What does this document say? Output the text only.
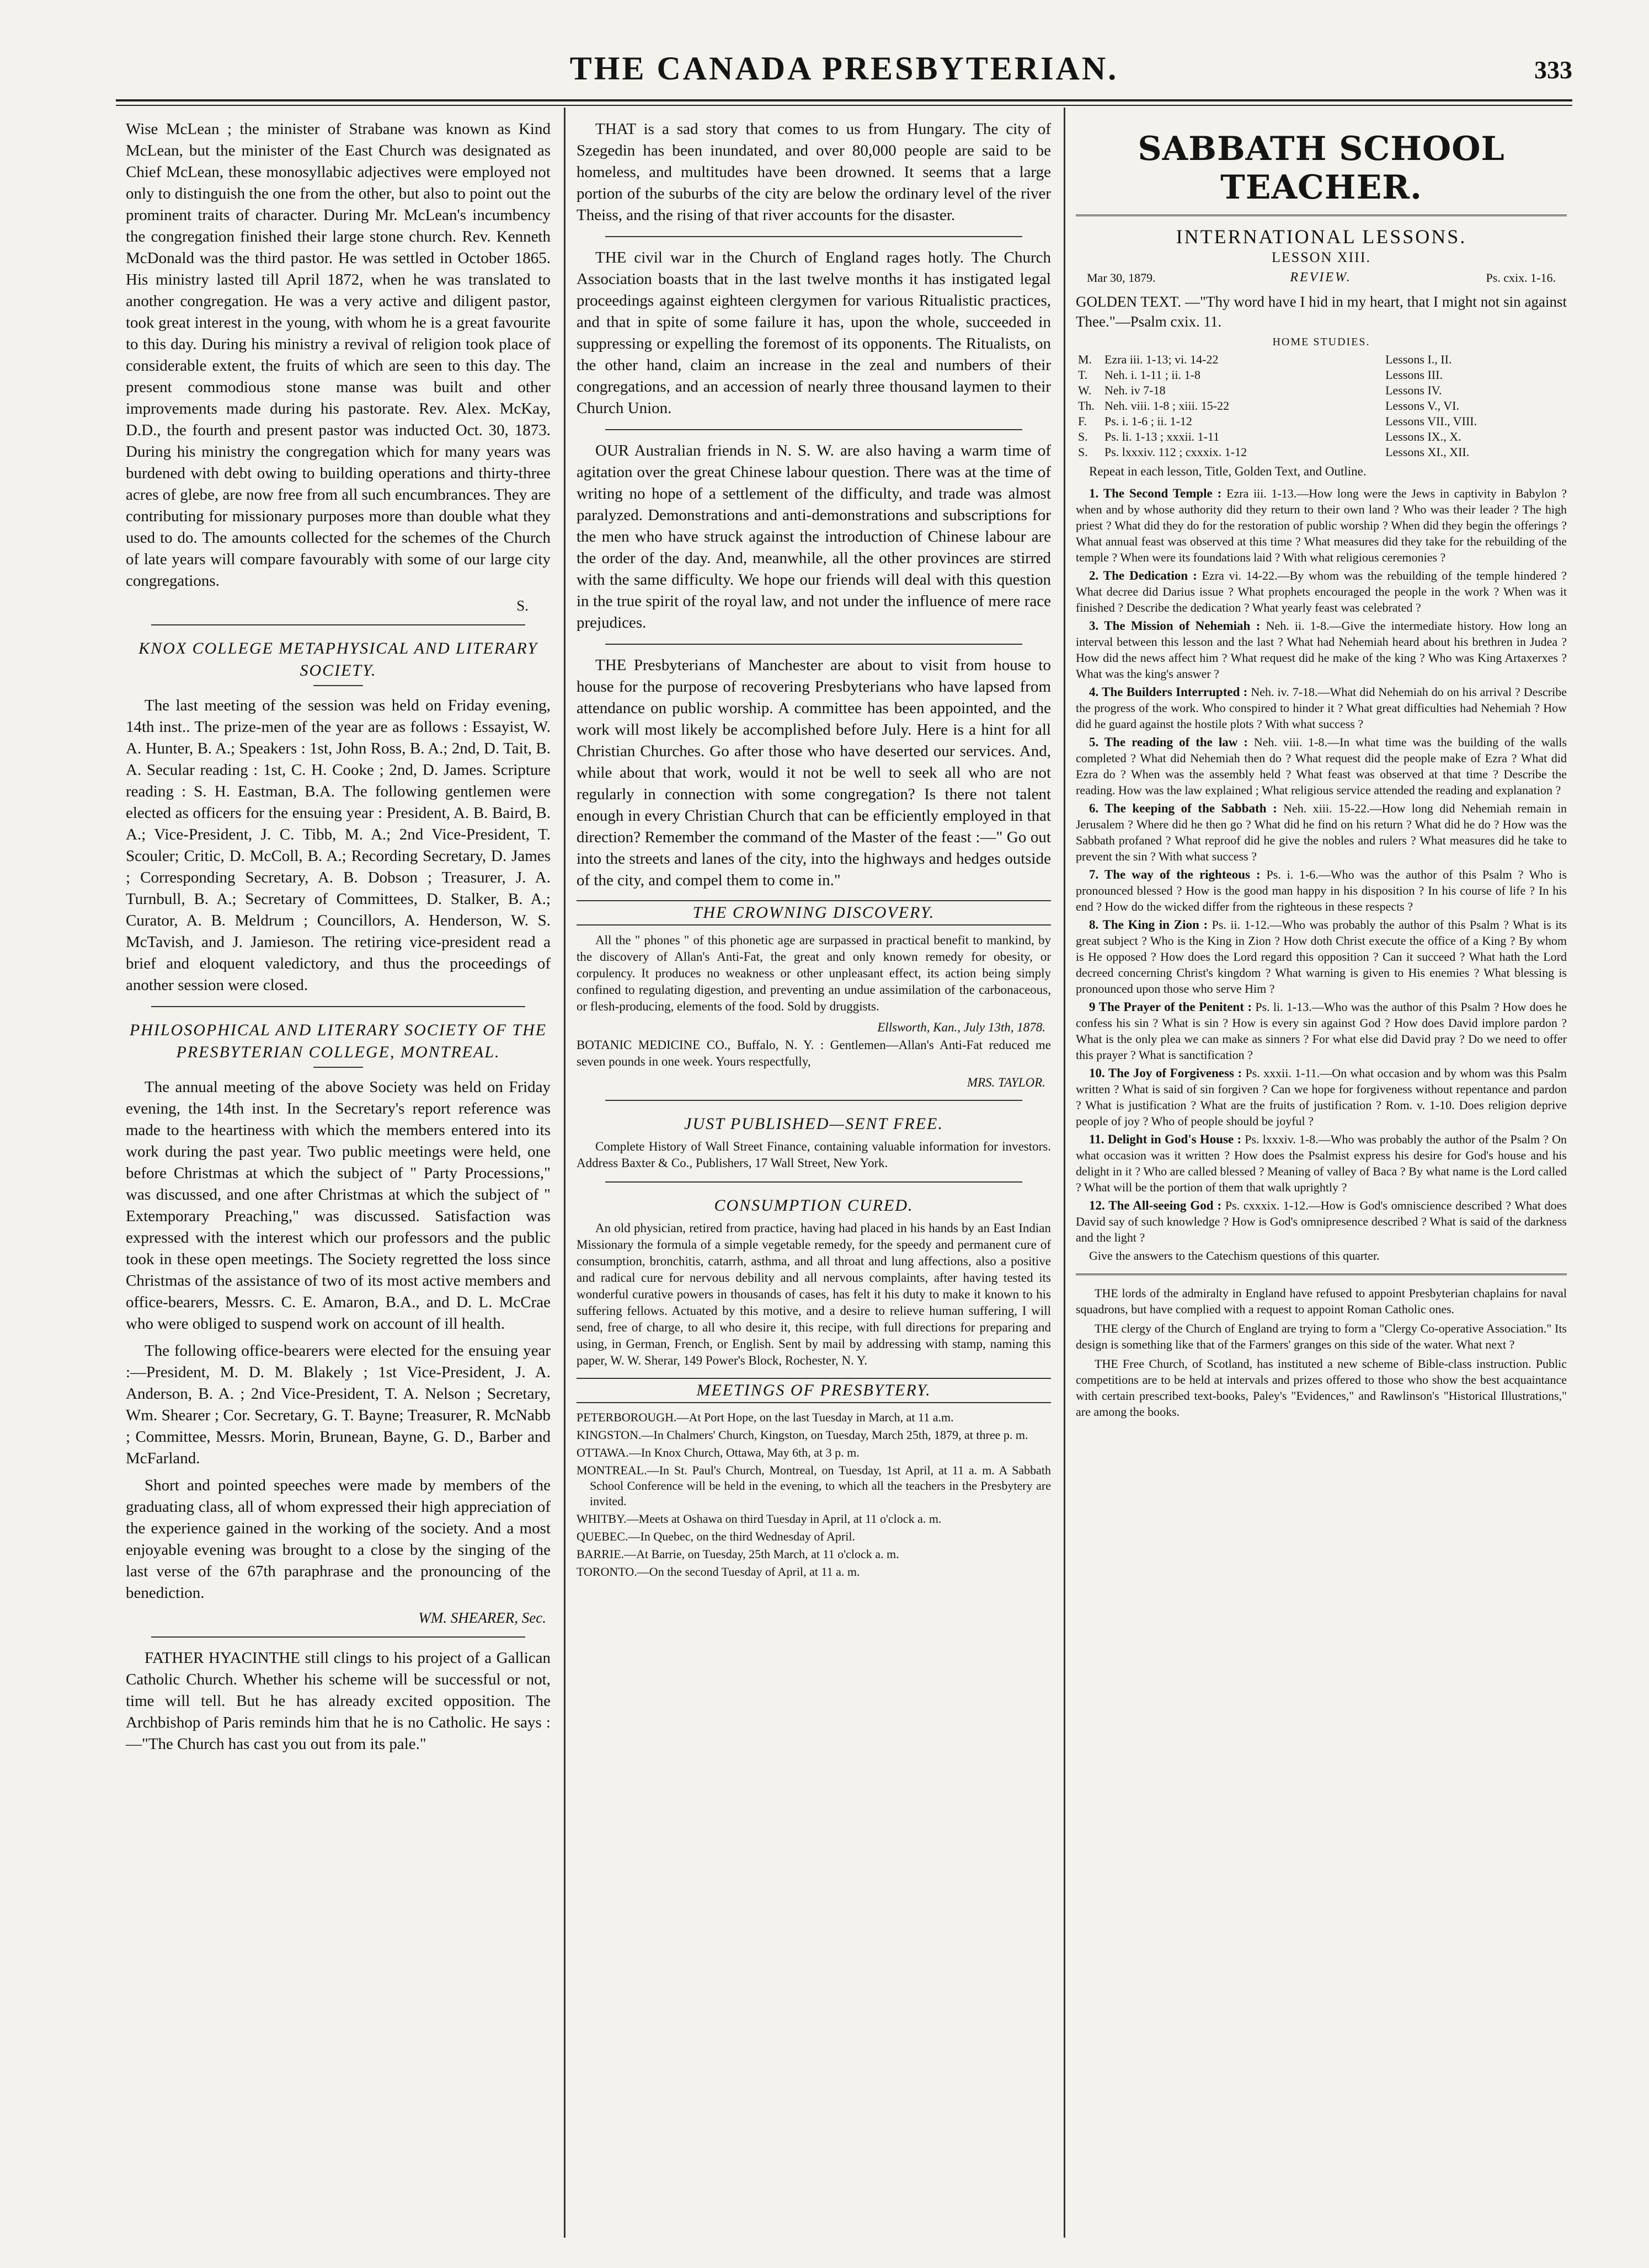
THE CANADA PRESBYTERIAN.	333

Wise McLean ; the minister of Strabane was known as Kind McLean, but the minister of the East Church was designated as Chief McLean, these monosyllabic adjectives were employed not only to distinguish the one from the other, but also to point out the prominent traits of character. During Mr. McLean's incumbency the congregation finished their large stone church. Rev. Kenneth McDonald was the third pastor. He was settled in October 1865. His ministry lasted till April 1872, when he was translated to another congregation. He was a very active and diligent pastor, took great interest in the young, with whom he is a great favourite to this day. During his ministry a revival of religion took place of considerable extent, the fruits of which are seen to this day. The present commodious stone manse was built and other improvements made during his pastorate. Rev. Alex. McKay, D.D., the fourth and present pastor was inducted Oct. 30, 1873. During his ministry the congregation which for many years was burdened with debt owing to building operations and thirty-three acres of glebe, are now free from all such encumbrances. They are contributing for missionary purposes more than double what they used to do. The amounts collected for the schemes of the Church of late years will compare favourably with some of our large city congregations.

S.
KNOX COLLEGE METAPHYSICAL AND LITERARY SOCIETY.

The last meeting of the session was held on Friday evening, 14th inst.. The prize-men of the year are as follows : Essayist, W. A. Hunter, B. A.; Speakers : 1st, John Ross, B. A.; 2nd, D. Tait, B. A. Secular reading : 1st, C. H. Cooke ; 2nd, D. James. Scripture reading : S. H. Eastman, B.A. The following gentlemen were elected as officers for the ensuing year : President, A. B. Baird, B. A.; Vice-President, J. C. Tibb, M. A.; 2nd Vice-President, T. Scouler; Critic, D. McColl, B. A.; Recording Secretary, D. James ; Corresponding Secretary, A. B. Dobson ; Treasurer, J. A. Turnbull, B. A.; Secretary of Committees, D. Stalker, B. A.; Curator, A. B. Meldrum ; Councillors, A. Henderson, W. S. McTavish, and J. Jamieson. The retiring vice-president read a brief and eloquent valedictory, and thus the proceedings of another session were closed.

PHILOSOPHICAL AND LITERARY SOCIETY OF THE PRESBYTERIAN COLLEGE, MONTREAL.

The annual meeting of the above Society was held on Friday evening, the 14th inst. In the Secretary's report reference was made to the heartiness with which the members entered into its work during the past year. Two public meetings were held, one before Christmas at which the subject of " Party Processions," was discussed, and one after Christmas at which the subject of " Extemporary Preaching," was discussed. Satisfaction was expressed with the interest which our professors and the public took in these open meetings. The Society regretted the loss since Christmas of the assistance of two of its most active members and office-bearers, Messrs. C. E. Amaron, B.A., and D. L. McCrae who were obliged to suspend work on account of ill health.

The following office-bearers were elected for the ensuing year :—President, M. D. M. Blakely ; 1st Vice-President, J. A. Anderson, B. A. ; 2nd Vice-President, T. A. Nelson ; Secretary, Wm. Shearer ; Cor. Secretary, G. T. Bayne; Treasurer, R. McNabb ; Committee, Messrs. Morin, Brunean, Bayne, G. D., Barber and McFarland.

Short and pointed speeches were made by members of the graduating class, all of whom expressed their high appreciation of the experience gained in the working of the society. And a most enjoyable evening was brought to a close by the singing of the last verse of the 67th paraphrase and the pronouncing of the benediction.

WM. SHEARER, Sec.

FATHER HYACINTHE still clings to his project of a Gallican Catholic Church. Whether his scheme will be successful or not, time will tell. But he has already excited opposition. The Archbishop of Paris reminds him that he is no Catholic. He says :—"The Church has cast you out from its pale."

THAT is a sad story that comes to us from Hungary. The city of Szegedin has been inundated, and over 80,000 people are said to be homeless, and multitudes have been drowned. It seems that a large portion of the suburbs of the city are below the ordinary level of the river Theiss, and the rising of that river accounts for the disaster.

THE civil war in the Church of England rages hotly. The Church Association boasts that in the last twelve months it has instigated legal proceedings against eighteen clergymen for various Ritualistic practices, and that in spite of some failure it has, upon the whole, succeeded in suppressing or expelling the foremost of its opponents. The Ritualists, on the other hand, claim an increase in the zeal and numbers of their congregations, and an accession of nearly three thousand laymen to their Church Union.

OUR Australian friends in N. S. W. are also having a warm time of agitation over the great Chinese labour question. There was at the time of writing no hope of a settlement of the difficulty, and trade was almost paralyzed. Demonstrations and anti-demonstrations and subscriptions for the men who have struck against the introduction of Chinese labour are the order of the day. And, meanwhile, all the other provinces are stirred with the same difficulty. We hope our friends will deal with this question in the true spirit of the royal law, and not under the influence of mere race prejudices.

THE Presbyterians of Manchester are about to visit from house to house for the purpose of recovering Presbyterians who have lapsed from attendance on public worship. A committee has been appointed, and the work will most likely be accomplished before July. Here is a hint for all Christian Churches. Go after those who have deserted our services. And, while about that work, would it not be well to seek all who are not regularly in connection with some congregation? Is there not talent enough in every Christian Church that can be efficiently employed in that direction? Remember the command of the Master of the feast :—" Go out into the streets and lanes of the city, into the highways and hedges outside of the city, and compel them to come in."

THE CROWNING DISCOVERY.

All the " phones " of this phonetic age are surpassed in practical benefit to mankind, by the discovery of Allan's Anti-Fat, the great and only known remedy for obesity, or corpulency. It produces no weakness or other unpleasant effect, its action being simply confined to regulating digestion, and preventing an undue assimilation of the carbonaceous, or flesh-producing, elements of the food. Sold by druggists.

Ellsworth, Kan., July 13th, 1878.

BOTANIC MEDICINE CO., Buffalo, N. Y. : Gentlemen—Allan's Anti-Fat reduced me seven pounds in one week. Yours respectfully,

MRS. TAYLOR.
JUST PUBLISHED—SENT FREE.

Complete History of Wall Street Finance, containing valuable information for investors. Address Baxter & Co., Publishers, 17 Wall Street, New York.

CONSUMPTION CURED.

An old physician, retired from practice, having had placed in his hands by an East Indian Missionary the formula of a simple vegetable remedy, for the speedy and permanent cure of consumption, bronchitis, catarrh, asthma, and all throat and lung affections, also a positive and radical cure for nervous debility and all nervous complaints, after having tested its wonderful curative powers in thousands of cases, has felt it his duty to make it known to his suffering fellows. Actuated by this motive, and a desire to relieve human suffering, I will send, free of charge, to all who desire it, this recipe, with full directions for preparing and using, in German, French, or English. Sent by mail by addressing with stamp, naming this paper, W. W. Sherar, 149 Power's Block, Rochester, N. Y.

MEETINGS OF PRESBYTERY.

PETERBOROUGH.—At Port Hope, on the last Tuesday in March, at 11 a.m.

KINGSTON.—In Chalmers' Church, Kingston, on Tuesday, March 25th, 1879, at three p. m.

OTTAWA.—In Knox Church, Ottawa, May 6th, at 3 p. m.

MONTREAL.—In St. Paul's Church, Montreal, on Tuesday, 1st April, at 11 a. m. A Sabbath School Conference will be held in the evening, to which all the teachers in the Presbytery are invited.

WHITBY.—Meets at Oshawa on third Tuesday in April, at 11 o'clock a. m.

QUEBEC.—In Quebec, on the third Wednesday of April.

BARRIE.—At Barrie, on Tuesday, 25th March, at 11 o'clock a. m.

TORONTO.—On the second Tuesday of April, at 11 a. m.

SABBATH SCHOOL TEACHER.
INTERNATIONAL LESSONS.
LESSON XIII.
Mar 30, 1879.	REVIEW.	Ps. cxix. 1-16.

GOLDEN TEXT. —"Thy word have I hid in my heart, that I might not sin against Thee."—Psalm cxix. 11.

HOME STUDIES.
M.	Ezra iii. 1-13; vi. 14-22	Lessons I., II.
T.	Neh. i. 1-11 ; ii. 1-8	Lessons III.
W.	Neh. iv 7-18	Lessons IV.
Th.	Neh. viii. 1-8 ; xiii. 15-22	Lessons V., VI.
F.	Ps. i. 1-6 ; ii. 1-12	Lessons VII., VIII.
S.	Ps. li. 1-13 ; xxxii. 1-11	Lessons IX., X.
S.	Ps. lxxxiv. 112 ; cxxxix. 1-12	Lessons XI., XII.

Repeat in each lesson, Title, Golden Text, and Outline.

1. The Second Temple : Ezra iii. 1-13.—How long were the Jews in captivity in Babylon ? when and by whose authority did they return to their own land ? Who was their leader ? The high priest ? What did they do for the restoration of public worship ? When did they begin the offerings ? What annual feast was observed at this time ? What measures did they take for the rebuilding of the temple ? When were its foundations laid ? With what religious ceremonies ?

2. The Dedication : Ezra vi. 14-22.—By whom was the rebuilding of the temple hindered ? What decree did Darius issue ? What prophets encouraged the people in the work ? When was it finished ? Describe the dedication ? What yearly feast was celebrated ?

3. The Mission of Nehemiah : Neh. ii. 1-8.—Give the intermediate history. How long an interval between this lesson and the last ? What had Nehemiah heard about his brethren in Judea ? How did the news affect him ? What request did he make of the king ? Who was King Artaxerxes ? What was the king's answer ?

4. The Builders Interrupted : Neh. iv. 7-18.—What did Nehemiah do on his arrival ? Describe the progress of the work. Who conspired to hinder it ? What great difficulties had Nehemiah ? How did he guard against the hostile plots ? With what success ?

5. The reading of the law : Neh. viii. 1-8.—In what time was the building of the walls completed ? What did Nehemiah then do ? What request did the people make of Ezra ? What did Ezra do ? When was the assembly held ? What feast was observed at that time ? Describe the reading. How was the law explained ; What religious service attended the reading and explanation ?

6. The keeping of the Sabbath : Neh. xiii. 15-22.—How long did Nehemiah remain in Jerusalem ? Where did he then go ? What did he find on his return ? What did he do ? How was the Sabbath profaned ? What reproof did he give the nobles and rulers ? What measures did he take to prevent the sin ? With what success ?

7. The way of the righteous : Ps. i. 1-6.—Who was the author of this Psalm ? Who is pronounced blessed ? How is the good man happy in his disposition ? In his course of life ? In his end ? How do the wicked differ from the righteous in these respects ?

8. The King in Zion : Ps. ii. 1-12.—Who was probably the author of this Psalm ? What is its great subject ? Who is the King in Zion ? How doth Christ execute the office of a King ? By whom is He opposed ? How does the Lord regard this opposition ? Can it succeed ? What hath the Lord decreed concerning Christ's kingdom ? What warning is given to His enemies ? What blessing is pronounced upon those who serve Him ?

9 The Prayer of the Penitent : Ps. li. 1-13.—Who was the author of this Psalm ? How does he confess his sin ? What is sin ? How is every sin against God ? How does David implore pardon ? What is the only plea we can make as sinners ? For what else did David pray ? Do we need to offer this prayer ? What is sanctification ?

10. The Joy of Forgiveness : Ps. xxxii. 1-11.—On what occasion and by whom was this Psalm written ? What is said of sin forgiven ? Can we hope for forgiveness without repentance and pardon ? What is justification ? What are the fruits of justification ? Rom. v. 1-10. Does religion deprive people of joy ? Who of people should be joyful ?

11. Delight in God's House : Ps. lxxxiv. 1-8.—Who was probably the author of the Psalm ? On what occasion was it written ? How does the Psalmist express his desire for God's house and his delight in it ? Who are called blessed ? Meaning of valley of Baca ? By what name is the Lord called ? What will be the portion of them that walk uprightly ?

12. The All-seeing God : Ps. cxxxix. 1-12.—How is God's omniscience described ? What does David say of such knowledge ? How is God's omnipresence described ? What is said of the darkness and the light ?

Give the answers to the Catechism questions of this quarter.

THE lords of the admiralty in England have refused to appoint Presbyterian chaplains for naval squadrons, but have complied with a request to appoint Roman Catholic ones.

THE clergy of the Church of England are trying to form a "Clergy Co-operative Association." Its design is something like that of the Farmers' granges on this side of the water. What next ?

THE Free Church, of Scotland, has instituted a new scheme of Bible-class instruction. Public competitions are to be held at intervals and prizes offered to those who show the best acquaintance with certain prescribed text-books, Paley's "Evidences," and Rawlinson's "Historical Illustrations," are among the books.
